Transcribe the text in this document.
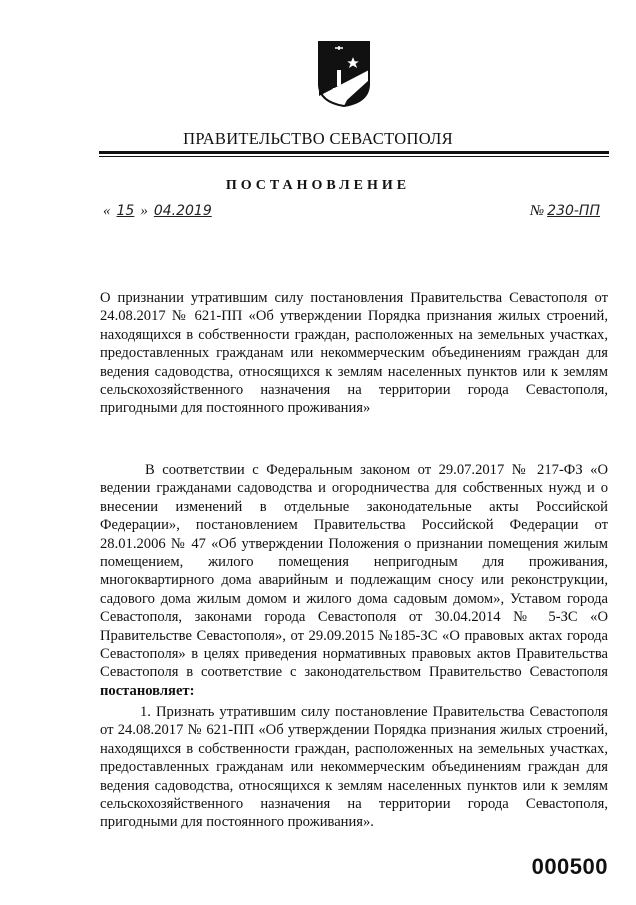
ПРАВИТЕЛЬСТВО СЕВАСТОПОЛЯ
ПОСТАНОВЛЕНИЕ
« 15 » 04.2019	№ 230-ПП
О признании утратившим силу постановления Правительства Севастополя от 24.08.2017 № 621-ПП «Об утверждении Порядка признания жилых строений, находящихся в собственности граждан, расположенных на земельных участках, предоставленных гражданам или некоммерческим объединениям граждан для ведения садоводства, относящихся к землям населенных пунктов или к землям сельскохозяйственного назначения на территории города Севастополя, пригодными для постоянного проживания»
В соответствии с Федеральным законом от 29.07.2017 № 217-ФЗ «О ведении гражданами садоводства и огородничества для собственных нужд и о внесении изменений в отдельные законодательные акты Российской Федерации», постановлением Правительства Российской Федерации от 28.01.2006 № 47 «Об утверждении Положения о признании помещения жилым помещением, жилого помещения непригодным для проживания, многоквартирного дома аварийным и подлежащим сносу или реконструкции, садового дома жилым домом и жилого дома садовым домом», Уставом города Севастополя, законами города Севастополя от 30.04.2014 № 5-ЗС «О Правительстве Севастополя», от 29.09.2015 №185-ЗС «О правовых актах города Севастополя» в целях приведения нормативных правовых актов Правительства Севастополя в соответствие с законодательством Правительство Севастополя постановляет:
1. Признать утратившим силу постановление Правительства Севастополя от 24.08.2017 № 621-ПП «Об утверждении Порядка признания жилых строений, находящихся в собственности граждан, расположенных на земельных участках, предоставленных гражданам или некоммерческим объединениям граждан для ведения садоводства, относящихся к землям населенных пунктов или к землям сельскохозяйственного назначения на территории города Севастополя, пригодными для постоянного проживания».
000500
